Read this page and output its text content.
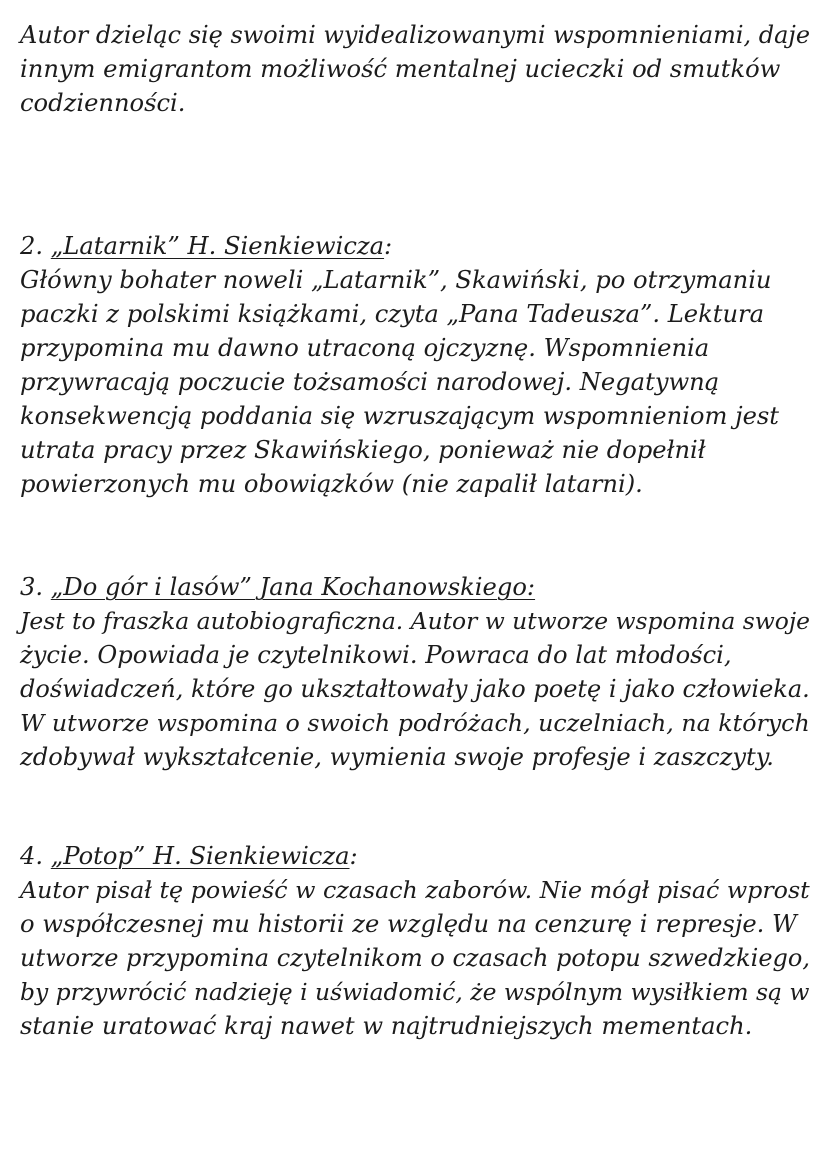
Autor dzieląc się swoimi wyidealizowanymi wspomnieniami, daje
innym emigrantom możliwość mentalnej ucieczki od smutków
codzienności.

2. „Latarnik” H. Sienkiewicza:
Główny bohater noweli „Latarnik”, Skawiński, po otrzymaniu
paczki z polskimi książkami, czyta „Pana Tadeusza”. Lektura
przypomina mu dawno utraconą ojczyznę. Wspomnienia
przywracają poczucie tożsamości narodowej. Negatywną
konsekwencją poddania się wzruszającym wspomnieniom jest
utrata pracy przez Skawińskiego, ponieważ nie dopełnił
powierzonych mu obowiązków (nie zapalił latarni).

3. „Do gór i lasów” Jana Kochanowskiego:
Jest to fraszka autobiograficzna. Autor w utworze wspomina swoje
życie. Opowiada je czytelnikowi. Powraca do lat młodości,
doświadczeń, które go ukształtowały jako poetę i jako człowieka.
W utworze wspomina o swoich podróżach, uczelniach, na których
zdobywał wykształcenie, wymienia swoje profesje i zaszczyty.

4. „Potop” H. Sienkiewicza:
Autor pisał tę powieść w czasach zaborów. Nie mógł pisać wprost
o współczesnej mu historii ze względu na cenzurę i represje. W
utworze przypomina czytelnikom o czasach potopu szwedzkiego,
by przywrócić nadzieję i uświadomić, że wspólnym wysiłkiem są w
stanie uratować kraj nawet w najtrudniejszych mementach.
